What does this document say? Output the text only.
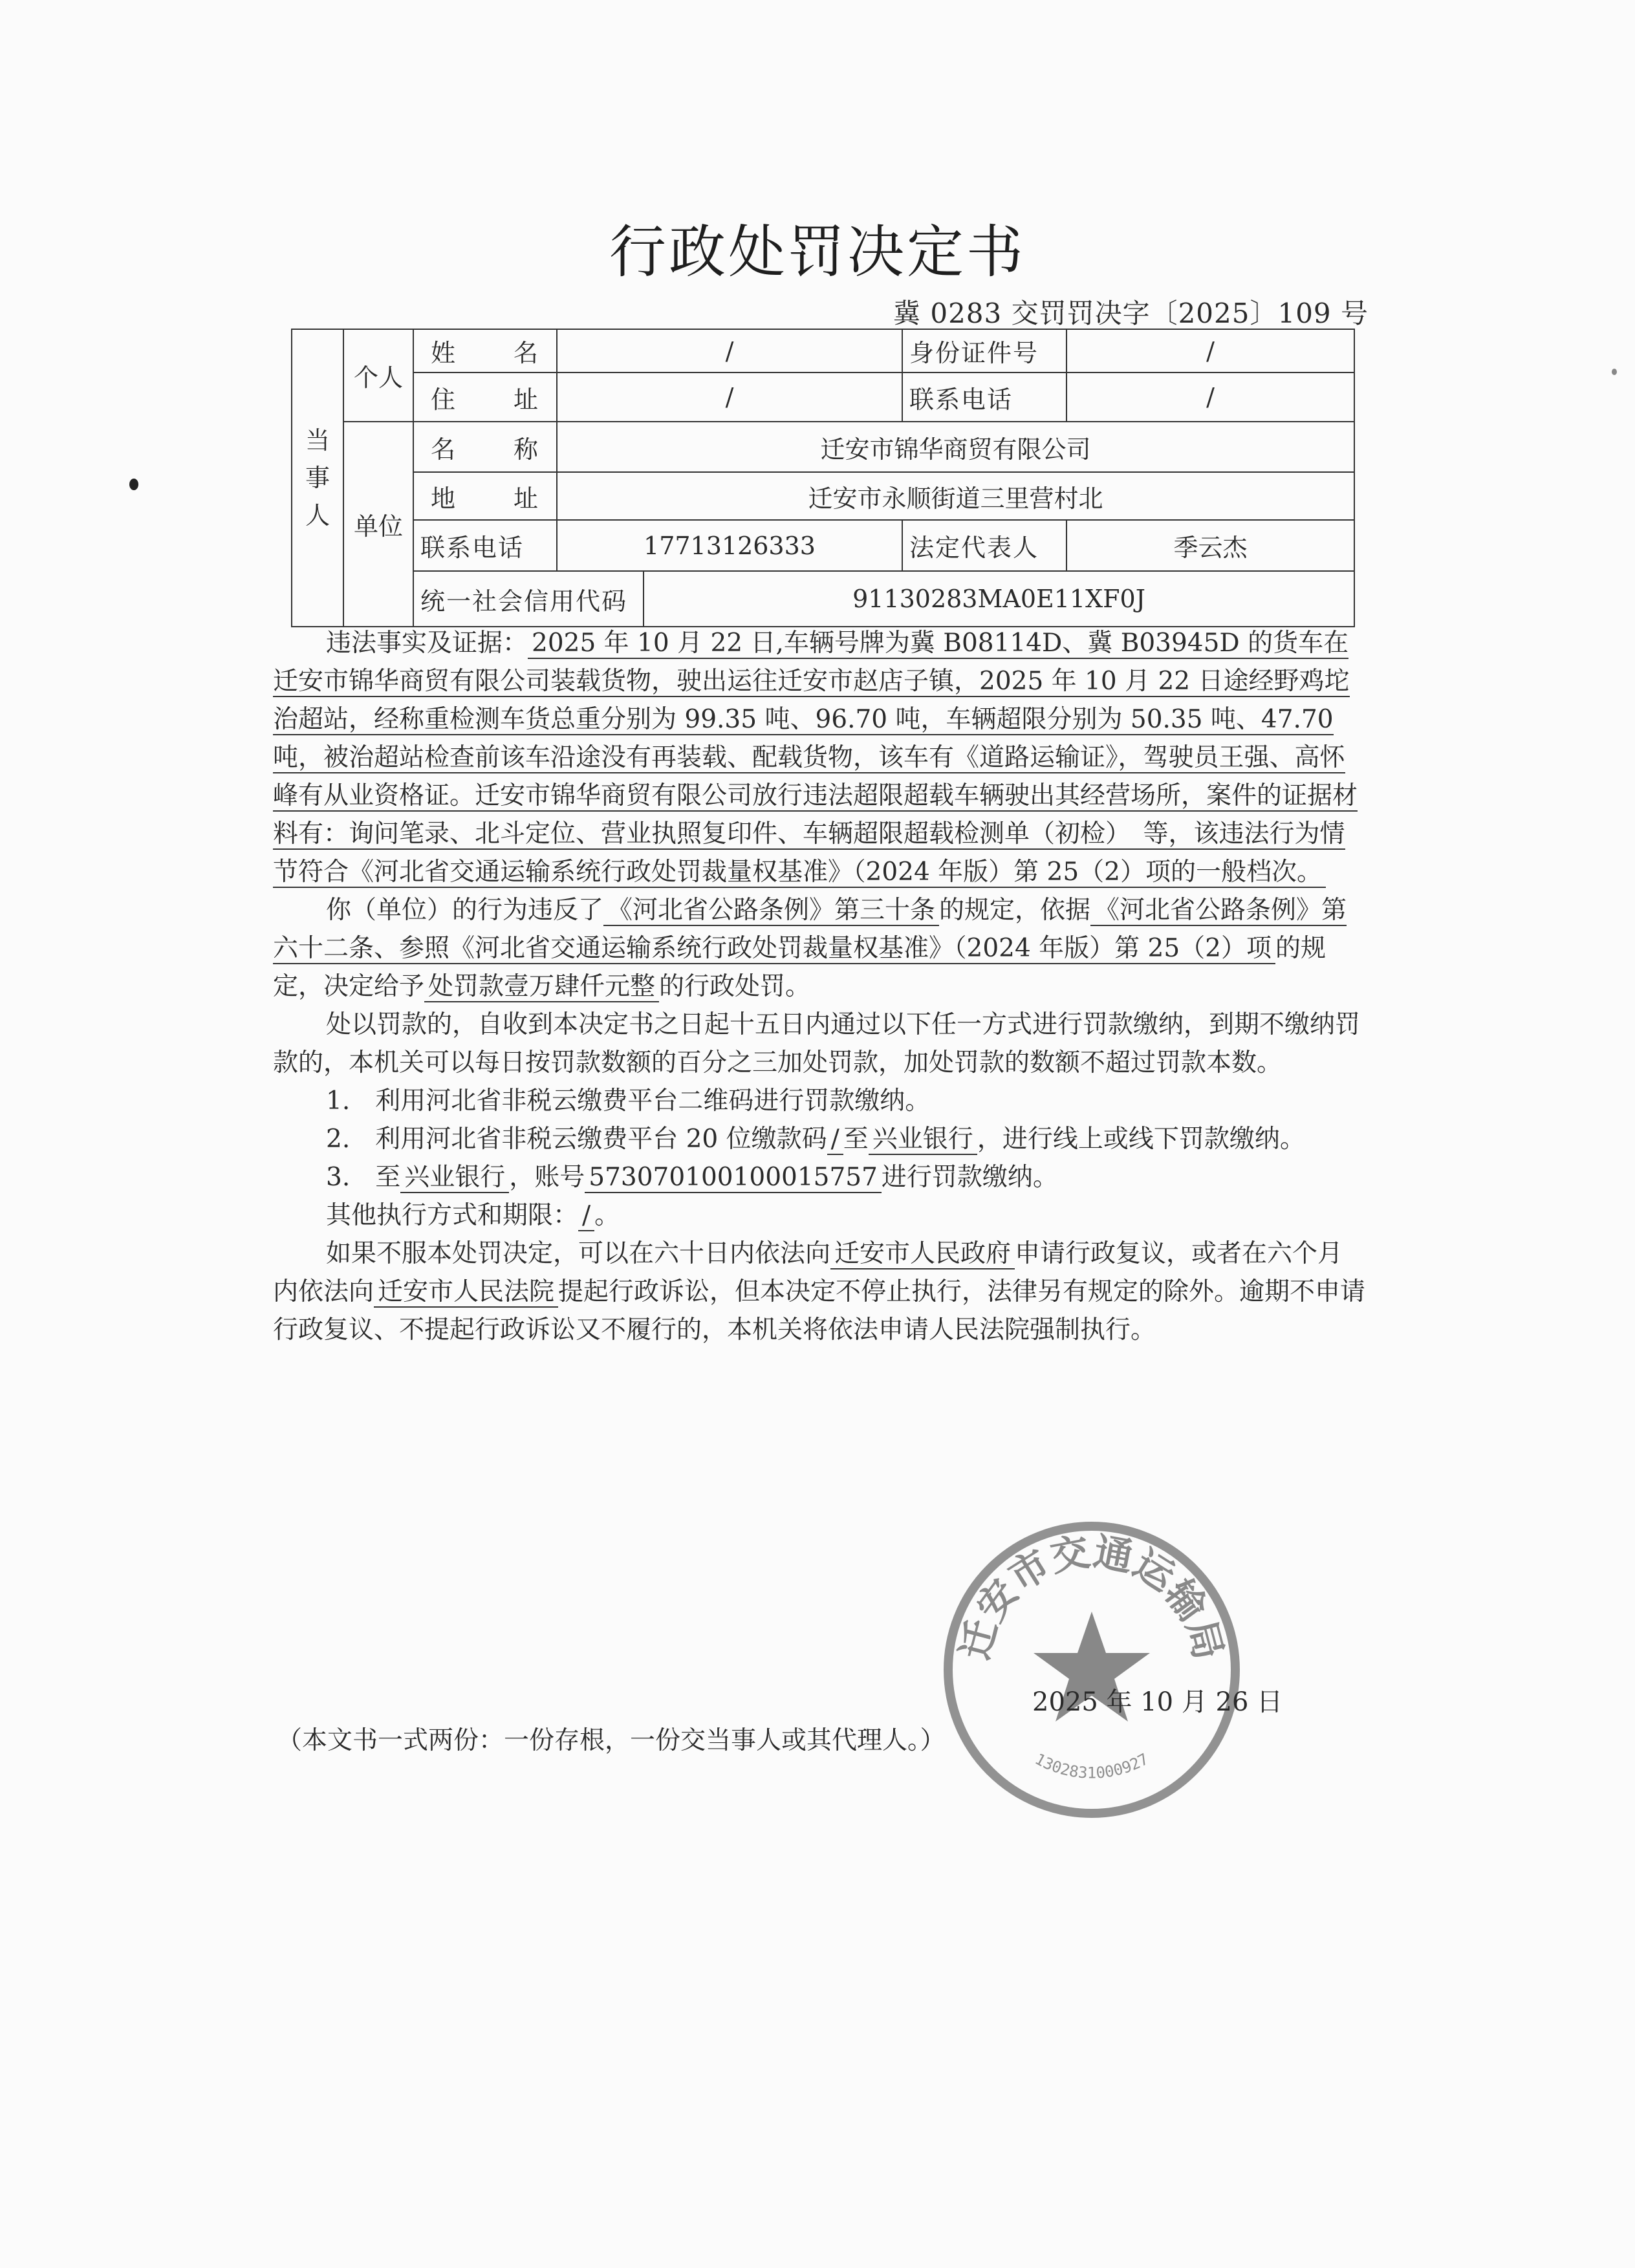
行政处罚决定书
冀 0283 交罚罚决字〔2025〕109 号
当事人	个人	姓　　名	/		身份证件号	/
		住　　址	/		联系电话	/
	单位	名　　称	迁安市锦华商贸有限公司			
		地　　址	迁安市永顺街道三里营村北			
		联系电话	17713126333		法定代表人	季云杰
		统一社会信用代码		91130283MA0E11XF0J		

违法事实及证据： 2025 年 10 月 22 日,车辆号牌为冀 B08114D、冀 B03945D 的货车在迁安市锦华商贸有限公司装载货物，驶出运往迁安市赵店子镇，2025 年 10 月 22 日途经野鸡坨治超站，经称重检测车货总重分别为 99.35 吨、96.70 吨，车辆超限分别为 50.35 吨、47.70 吨，被治超站检查前该车沿途没有再装载、配载货物，该车有《道路运输证》，驾驶员王强、高怀峰有从业资格证。迁安市锦华商贸有限公司放行违法超限超载车辆驶出其经营场所，案件的证据材料有：询问笔录、北斗定位、营业执照复印件、车辆超限超载检测单（初检）　等，该违法行为情节符合《河北省交通运输系统行政处罚裁量权基准》（2024 年版）第 25（2）项的一般档次。

你（单位）的行为违反了 《河北省公路条例》第三十条 的规定，依据 《河北省公路条例》第六十二条、参照《河北省交通运输系统行政处罚裁量权基准》（2024 年版）第 25（2）项 的规定，决定给予 处罚款壹万肆仟元整 的行政处罚。

处以罚款的，自收到本决定书之日起十五日内通过以下任一方式进行罚款缴纳，到期不缴纳罚款的，本机关可以每日按罚款数额的百分之三加处罚款，加处罚款的数额不超过罚款本数。

1.　利用河北省非税云缴费平台二维码进行罚款缴纳。

2.　利用河北省非税云缴费平台 20 位缴款码 / 至 兴业银行 ，进行线上或线下罚款缴纳。

3.　至 兴业银行 ，账号 573070100100015757 进行罚款缴纳。

其他执行方式和期限： / 。

如果不服本处罚决定，可以在六十日内依法向 迁安市人民政府 申请行政复议，或者在六个月内依法向 迁安市人民法院 提起行政诉讼，但本决定不停止执行，法律另有规定的除外。逾期不申请行政复议、不提起行政诉讼又不履行的，本机关将依法申请人民法院强制执行。

迁安市交通运输局
1302831000927
2025 年 10 月 26 日
（本文书一式两份：一份存根，一份交当事人或其代理人。）
